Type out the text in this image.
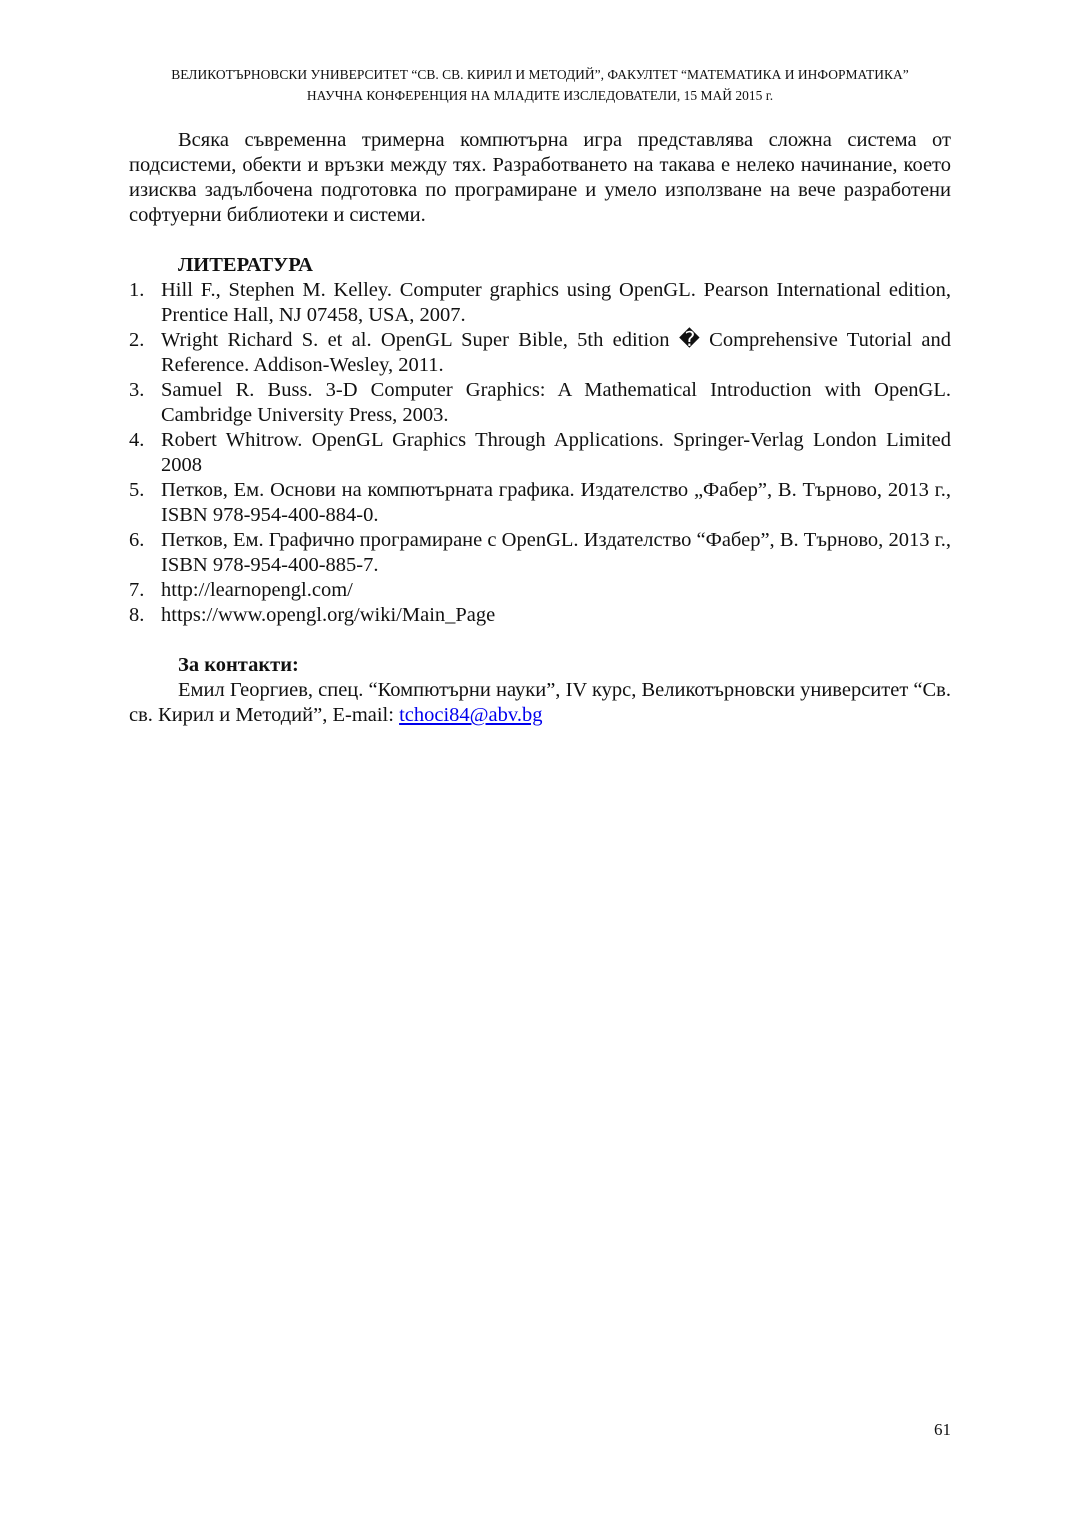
ВЕЛИКОТЪРНОВСКИ УНИВЕРСИТЕТ “СВ. СВ. КИРИЛ И МЕТОДИЙ”, ФАКУЛТЕТ “МАТЕМАТИКА И ИНФОРМАТИКА”
НАУЧНА КОНФЕРЕНЦИЯ НА МЛАДИТЕ ИЗСЛЕДОВАТЕЛИ, 15 МАЙ 2015 г.

Всяка съвременна тримерна компютърна игра представлява сложна система от подсистеми, обекти и връзки между тях. Разработването на такава е нелеко начинание, което изисква задълбочена подготовка по програмиране и умело използване на вече разработени софтуерни библиотеки и системи.

ЛИТЕРАТУРА
1. Hill F., Stephen M. Kelley. Computer graphics using OpenGL. Pearson International edition, Prentice Hall, NJ 07458, USA, 2007.
2. Wright Richard S. et al. OpenGL Super Bible, 5th edition � Comprehensive Tutorial and Reference. Addison-Wesley, 2011.
3. Samuel R. Buss. 3-D Computer Graphics: A Mathematical Introduction with OpenGL. Cambridge University Press, 2003.
4. Robert Whitrow. OpenGL Graphics Through Applications. Springer-Verlag London Limited 2008
5. Петков, Ем. Основи на компютърната графика. Издателство „Фабер”, В. Търново, 2013 г., ISBN 978-954-400-884-0.
6. Петков, Ем. Графично програмиране с OpenGL. Издателство “Фабер”, В. Търново, 2013 г., ISBN 978-954-400-885-7.
7. http://learnopengl.com/
8. https://www.opengl.org/wiki/Main_Page
За контакти:

Емил Георгиев, спец. “Компютърни науки”, IV курс, Великотърновски университет “Св. св. Кирил и Методий”, E-mail: tchoci84@abv.bg

61
